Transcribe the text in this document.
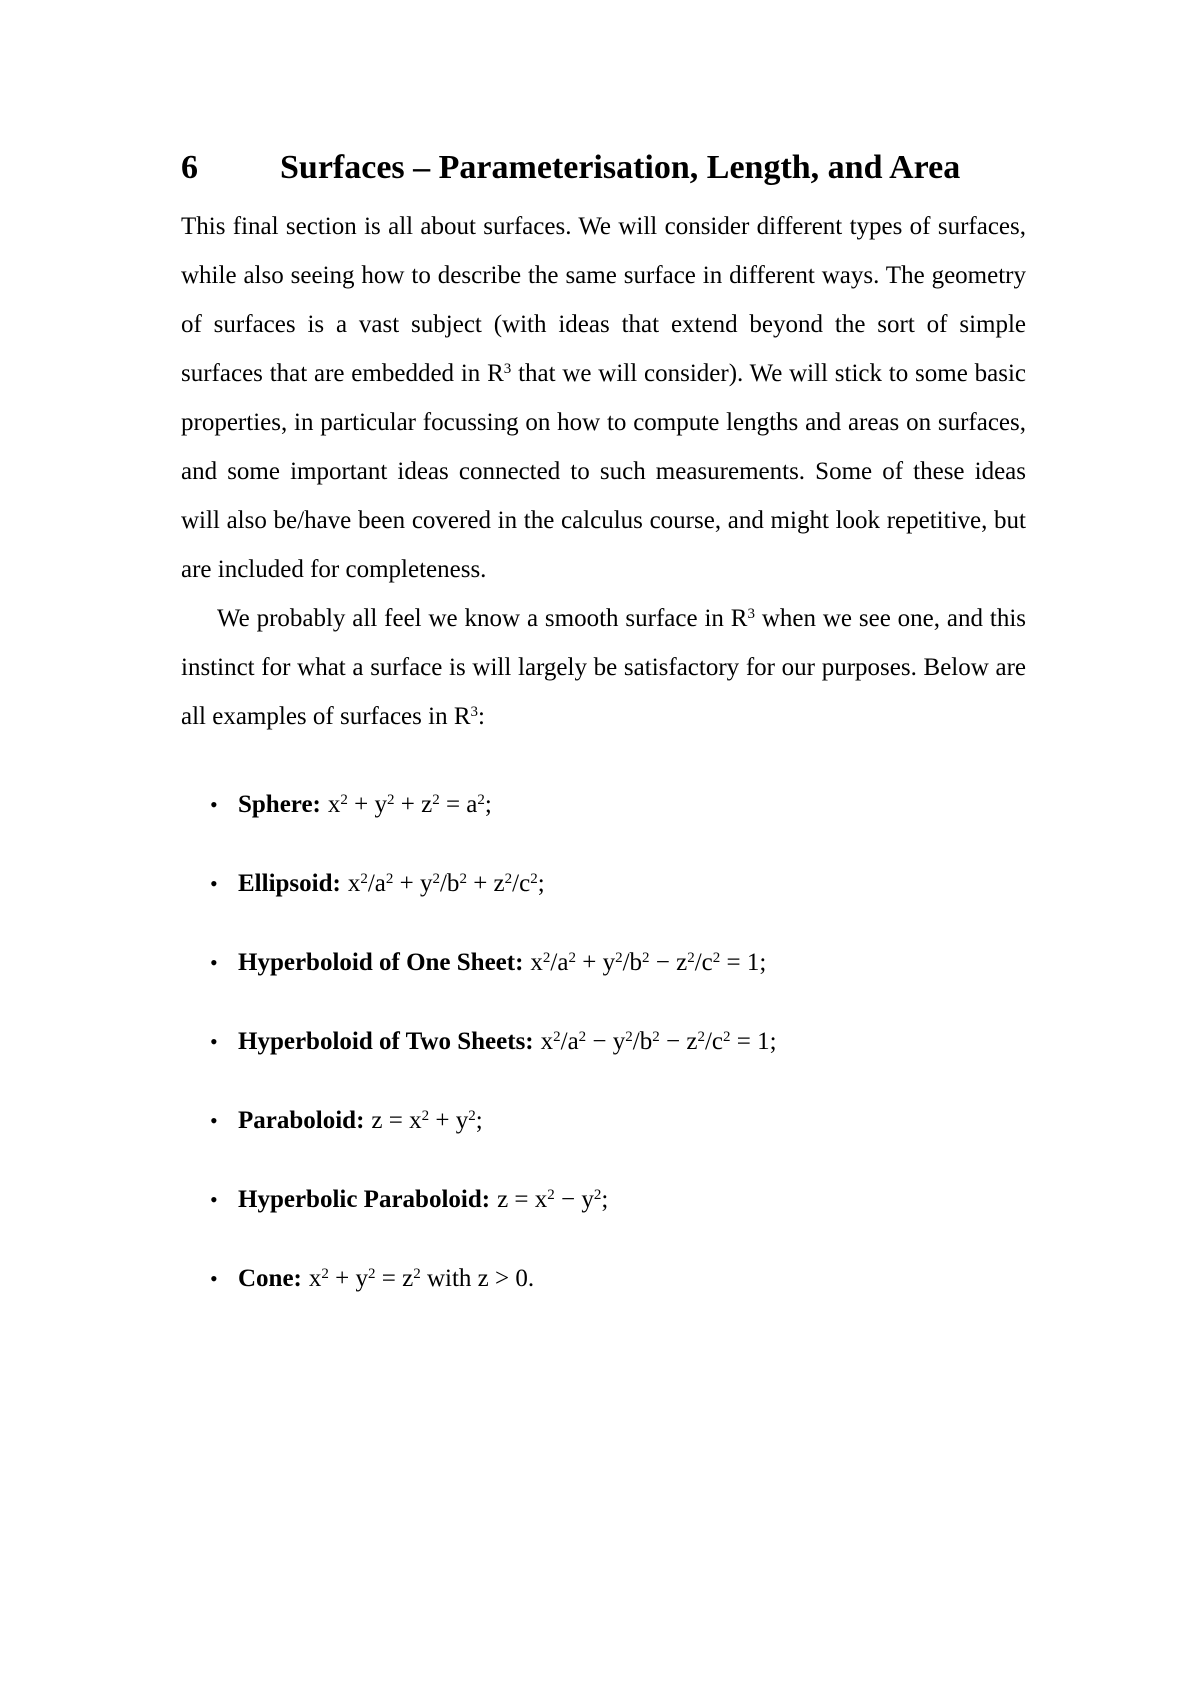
6	Surfaces – Parameterisation, Length, and Area

This final section is all about surfaces. We will consider different types of surfaces, while also seeing how to describe the same surface in different ways. The geometry of surfaces is a vast subject (with ideas that extend beyond the sort of simple surfaces that are embedded in $R^3$ that we will consider). We will stick to some basic properties, in particular focussing on how to compute lengths and areas on surfaces, and some important ideas connected to such measurements. Some of these ideas will also be/have been covered in the calculus course, and might look repetitive, but are included for completeness.

We probably all feel we know a smooth surface in $R^3$ when we see one, and this instinct for what a surface is will largely be satisfactory for our purposes. Below are all examples of surfaces in $R^3$:

• Sphere: $x^2 + y^2 + z^2 = a^2$;
• Ellipsoid: $x^2/a^2 + y^2/b^2 + z^2/c^2$;
• Hyperboloid of One Sheet: $x^2/a^2 + y^2/b^2 - z^2/c^2 = 1$;
• Hyperboloid of Two Sheets: $x^2/a^2 - y^2/b^2 - z^2/c^2 = 1$;
• Paraboloid: $z = x^2 + y^2$;
• Hyperbolic Paraboloid: $z = x^2 - y^2$;
• Cone: $x^2 + y^2 = z^2$ with z > 0.
